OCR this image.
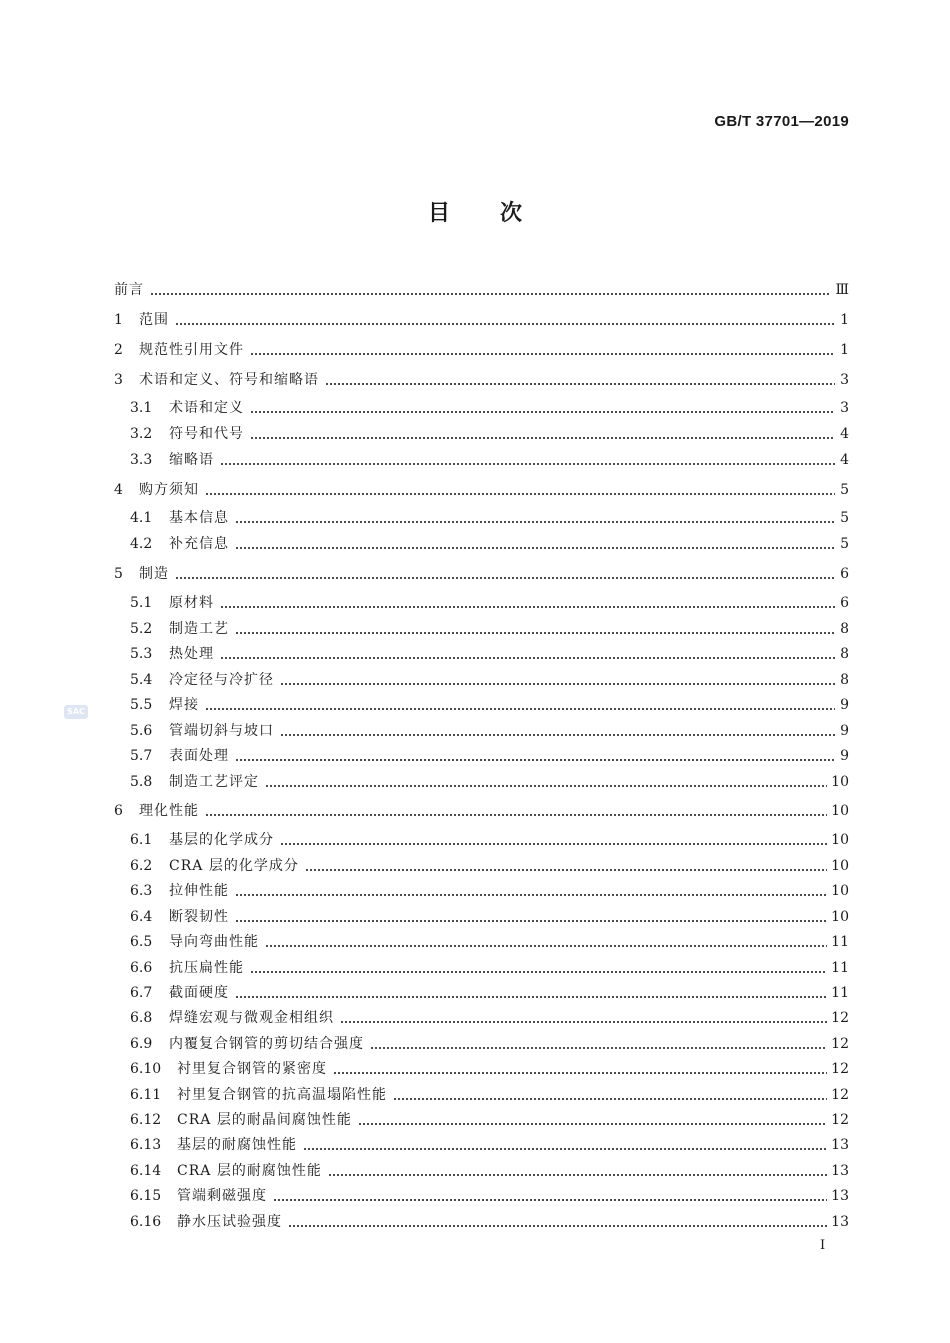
GB/T 37701—2019
目 次
前言	Ⅲ
1	范围	1
2	规范性引用文件	1
3	术语和定义、符号和缩略语	3
3.1	术语和定义	3
3.2	符号和代号	4
3.3	缩略语	4
4	购方须知	5
4.1	基本信息	5
4.2	补充信息	5
5	制造	6
5.1	原材料	6
5.2	制造工艺	8
5.3	热处理	8
5.4	冷定径与冷扩径	8
5.5	焊接	9
5.6	管端切斜与坡口	9
5.7	表面处理	9
5.8	制造工艺评定	10
6	理化性能	10
6.1	基层的化学成分	10
6.2	CRA 层的化学成分	10
6.3	拉伸性能	10
6.4	断裂韧性	10
6.5	导向弯曲性能	11
6.6	抗压扁性能	11
6.7	截面硬度	11
6.8	焊缝宏观与微观金相组织	12
6.9	内覆复合钢管的剪切结合强度	12
6.10	衬里复合钢管的紧密度	12
6.11	衬里复合钢管的抗高温塌陷性能	12
6.12	CRA 层的耐晶间腐蚀性能	12
6.13	基层的耐腐蚀性能	13
6.14	CRA 层的耐腐蚀性能	13
6.15	管端剩磁强度	13
6.16	静水压试验强度	13
SAC
I
